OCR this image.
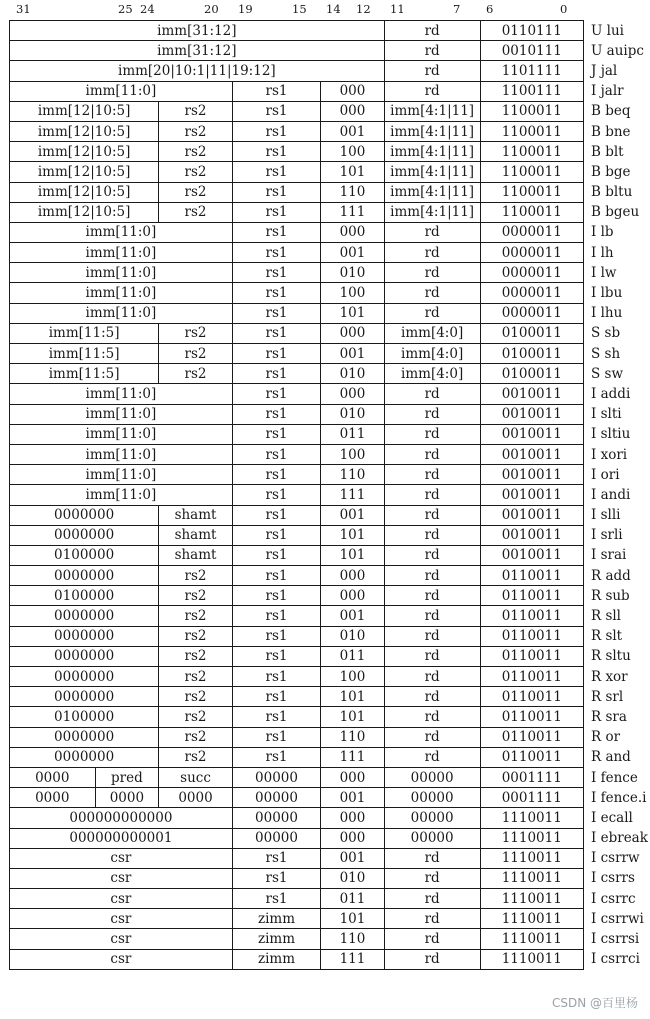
31	25 24	20 19	15 14 12 11	7 6	0
imm[31:12]					rd	0110111	U lui
imm[31:12]					rd	0010111	U auipc
imm[20|10:1|11|19:12]					rd	1101111	J jal
imm[11:0]			rs1	000	rd	1100111	I jalr
imm[12|10:5]		rs2	rs1	000	imm[4:1|11]	1100011	B beq
imm[12|10:5]		rs2	rs1	001	imm[4:1|11]	1100011	B bne
imm[12|10:5]		rs2	rs1	100	imm[4:1|11]	1100011	B blt
imm[12|10:5]		rs2	rs1	101	imm[4:1|11]	1100011	B bge
imm[12|10:5]		rs2	rs1	110	imm[4:1|11]	1100011	B bltu
imm[12|10:5]		rs2	rs1	111	imm[4:1|11]	1100011	B bgeu
imm[11:0]			rs1	000	rd	0000011	I lb
imm[11:0]			rs1	001	rd	0000011	I lh
imm[11:0]			rs1	010	rd	0000011	I lw
imm[11:0]			rs1	100	rd	0000011	I lbu
imm[11:0]			rs1	101	rd	0000011	I lhu
imm[11:5]		rs2	rs1	000	imm[4:0]	0100011	S sb
imm[11:5]		rs2	rs1	001	imm[4:0]	0100011	S sh
imm[11:5]		rs2	rs1	010	imm[4:0]	0100011	S sw
imm[11:0]			rs1	000	rd	0010011	I addi
imm[11:0]			rs1	010	rd	0010011	I slti
imm[11:0]			rs1	011	rd	0010011	I sltiu
imm[11:0]			rs1	100	rd	0010011	I xori
imm[11:0]			rs1	110	rd	0010011	I ori
imm[11:0]			rs1	111	rd	0010011	I andi
0000000		shamt	rs1	001	rd	0010011	I slli
0000000		shamt	rs1	101	rd	0010011	I srli
0100000		shamt	rs1	101	rd	0010011	I srai
0000000		rs2	rs1	000	rd	0110011	R add
0100000		rs2	rs1	000	rd	0110011	R sub
0000000		rs2	rs1	001	rd	0110011	R sll
0000000		rs2	rs1	010	rd	0110011	R slt
0000000		rs2	rs1	011	rd	0110011	R sltu
0000000		rs2	rs1	100	rd	0110011	R xor
0000000		rs2	rs1	101	rd	0110011	R srl
0100000		rs2	rs1	101	rd	0110011	R sra
0000000		rs2	rs1	110	rd	0110011	R or
0000000		rs2	rs1	111	rd	0110011	R and
0000	pred	succ	00000	000	00000	0001111	I fence
0000	0000	0000	00000	001	00000	0001111	I fence.i
000000000000			00000	000	00000	1110011	I ecall
000000000001			00000	000	00000	1110011	I ebreak
csr			rs1	001	rd	1110011	I csrrw
csr			rs1	010	rd	1110011	I csrrs
csr			rs1	011	rd	1110011	I csrrc
csr			zimm	101	rd	1110011	I csrrwi
csr			zimm	110	rd	1110011	I csrrsi
csr			zimm	111	rd	1110011	I csrrci
CSDN @百里杨
